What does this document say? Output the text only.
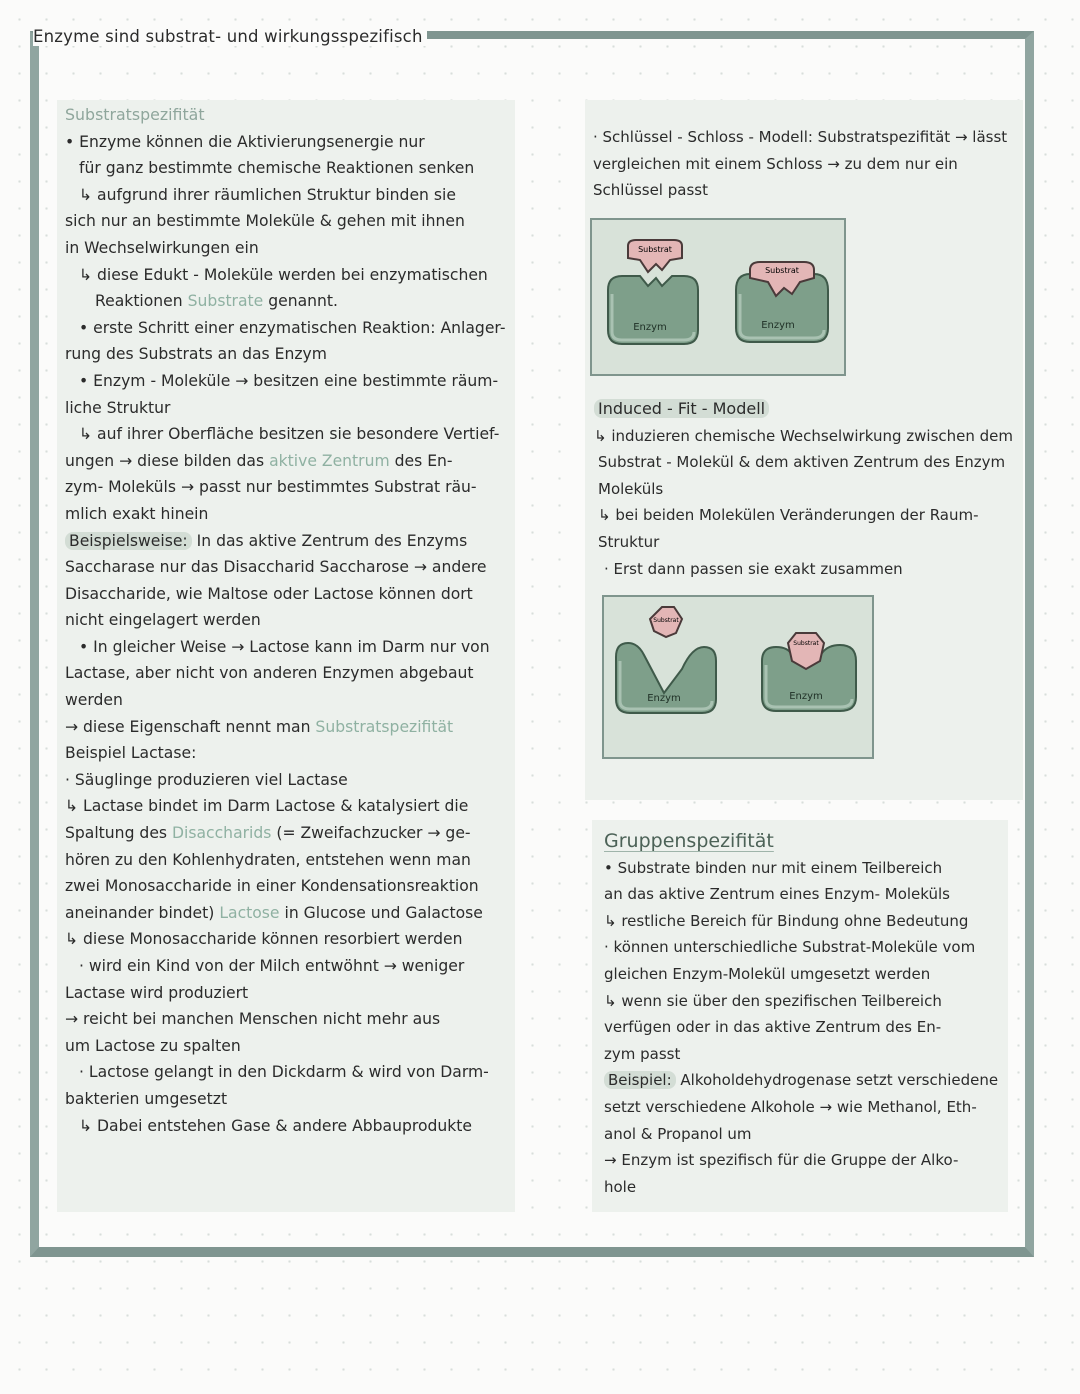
Enzyme sind substrat- und wirkungsspezifisch
Substratspezifität

• Enzyme können die Aktivierungsenergie nur

für ganz bestimmte chemische Reaktionen senken

↳ aufgrund ihrer räumlichen Struktur binden sie

sich nur an bestimmte Moleküle & gehen mit ihnen

in Wechselwirkungen ein

↳ diese Edukt - Moleküle werden bei enzymatischen

Reaktionen Substrate genannt.

• erste Schritt einer enzymatischen Reaktion: Anlager-

rung des Substrats an das Enzym

• Enzym - Moleküle → besitzen eine bestimmte räum-

liche Struktur

↳ auf ihrer Oberfläche besitzen sie besondere Vertief-

ungen → diese bilden das aktive Zentrum des En-

zym- Moleküls → passt nur bestimmtes Substrat räu-

mlich exakt hinein

Beispielsweise: In das aktive Zentrum des Enzyms

Saccharase nur das Disaccharid Saccharose → andere

Disaccharide, wie Maltose oder Lactose können dort

nicht eingelagert werden

• In gleicher Weise → Lactose kann im Darm nur von

Lactase, aber nicht von anderen Enzymen abgebaut

werden

→ diese Eigenschaft nennt man Substratspezifität

Beispiel Lactase:

· Säuglinge produzieren viel Lactase

↳ Lactase bindet im Darm Lactose & katalysiert die

Spaltung des Disaccharids (= Zweifachzucker → ge-

hören zu den Kohlenhydraten, entstehen wenn man

zwei Monosaccharide in einer Kondensationsreaktion

aneinander bindet) Lactose in Glucose und Galactose

↳ diese Monosaccharide können resorbiert werden

· wird ein Kind von der Milch entwöhnt → weniger

Lactase wird produziert

→ reicht bei manchen Menschen nicht mehr aus

um Lactose zu spalten

· Lactose gelangt in den Dickdarm & wird von Darm-

bakterien umgesetzt

↳ Dabei entstehen Gase & andere Abbauprodukte

· Schlüssel - Schloss - Modell: Substratspezifität → lässt

vergleichen mit einem Schloss → zu dem nur ein

Schlüssel passt

Substrat
Enzym
Substrat
Enzym
Induced - Fit - Modell

↳ induzieren chemische Wechselwirkung zwischen dem

Substrat - Molekül & dem aktiven Zentrum des Enzym

Moleküls

↳ bei beiden Molekülen Veränderungen der Raum-

Struktur

· Erst dann passen sie exakt zusammen

Substrat
Enzym
Substrat
Enzym
Gruppenspezifität

• Substrate binden nur mit einem Teilbereich

an das aktive Zentrum eines Enzym- Moleküls

↳ restliche Bereich für Bindung ohne Bedeutung

· können unterschiedliche Substrat-Moleküle vom

gleichen Enzym-Molekül umgesetzt werden

↳ wenn sie über den spezifischen Teilbereich

verfügen oder in das aktive Zentrum des En-

zym passt

Beispiel: Alkoholdehydrogenase setzt verschiedene

setzt verschiedene Alkohole → wie Methanol, Eth-

anol & Propanol um

→ Enzym ist spezifisch für die Gruppe der Alko-

hole
